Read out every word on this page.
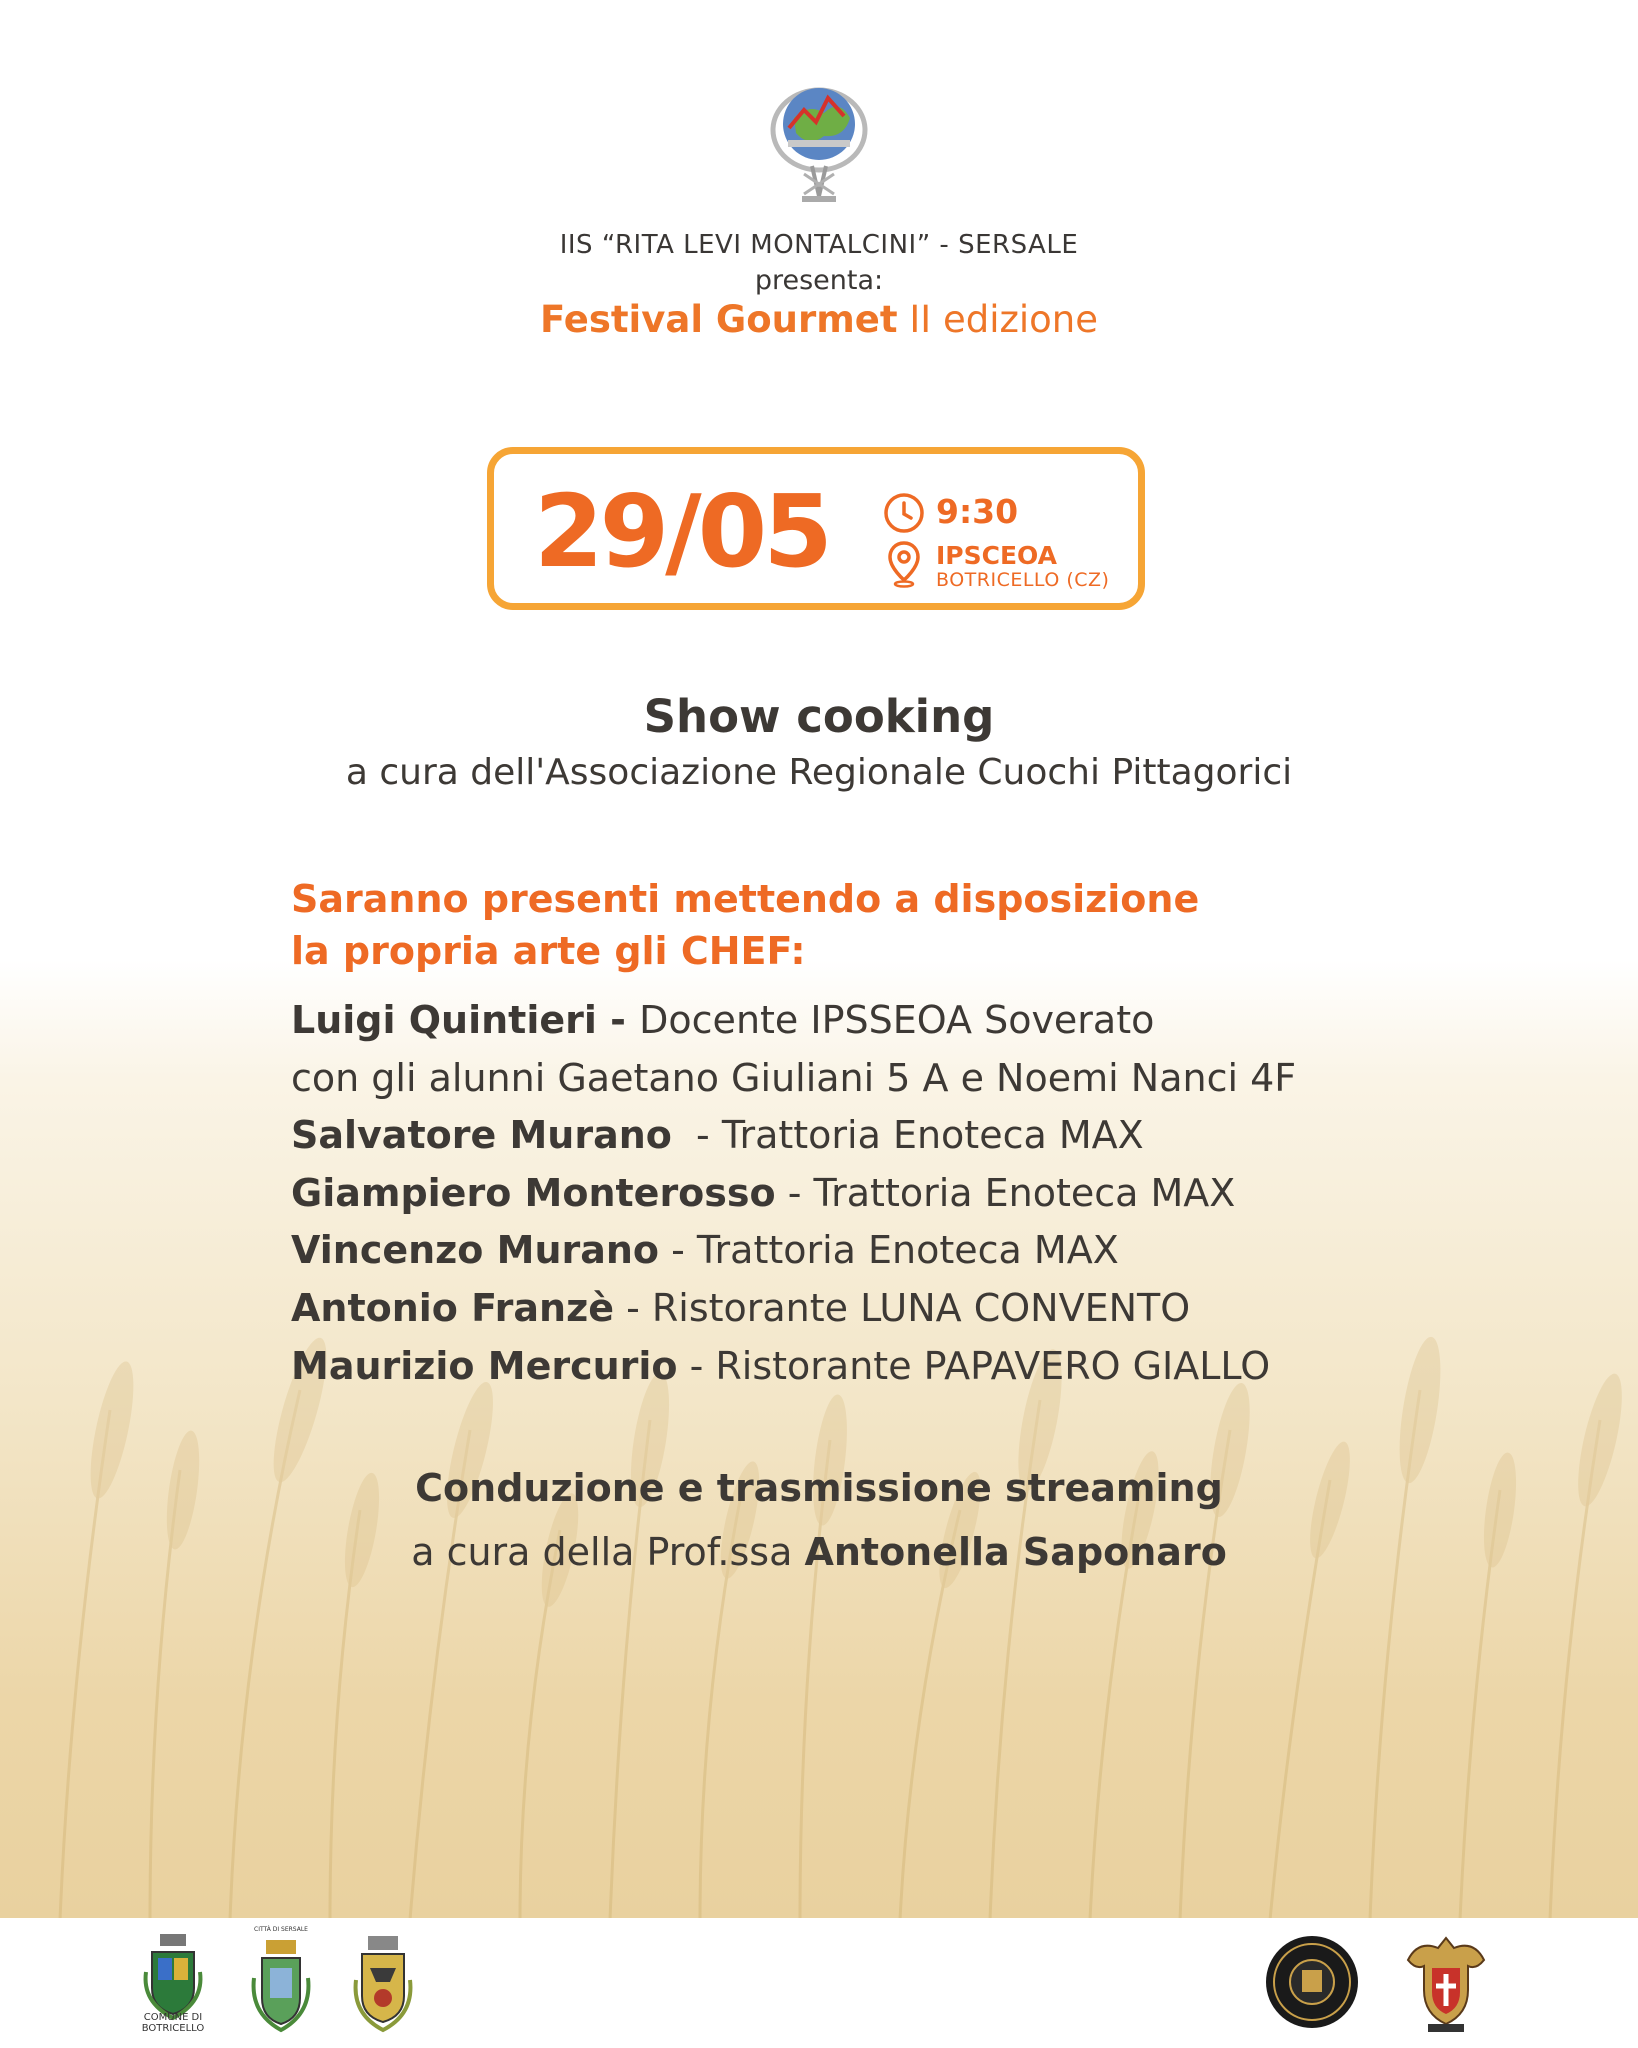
IIS “RITA LEVI MONTALCINI” - SERSALE
presenta:
Festival Gourmet II edizione
29/05	9:30
IPSCEOA
BOTRICELLO (CZ)
Show cooking
a cura dell'Associazione Regionale Cuochi Pittagorici
Saranno presenti mettendo a disposizione
la propria arte gli CHEF:
Luigi Quintieri - Docente IPSSEOA Soverato
con gli alunni Gaetano Giuliani 5 A e Noemi Nanci 4F
Salvatore Murano  - Trattoria Enoteca MAX
Giampiero Monterosso - Trattoria Enoteca MAX
Vincenzo Murano - Trattoria Enoteca MAX
Antonio Franzè - Ristorante LUNA CONVENTO
Maurizio Mercurio - Ristorante PAPAVERO GIALLO
Conduzione e trasmissione streaming
a cura della Prof.ssa Antonella Saponaro
COMUNE DI BOTRICELLO
CITTÀ DI SERSALE
